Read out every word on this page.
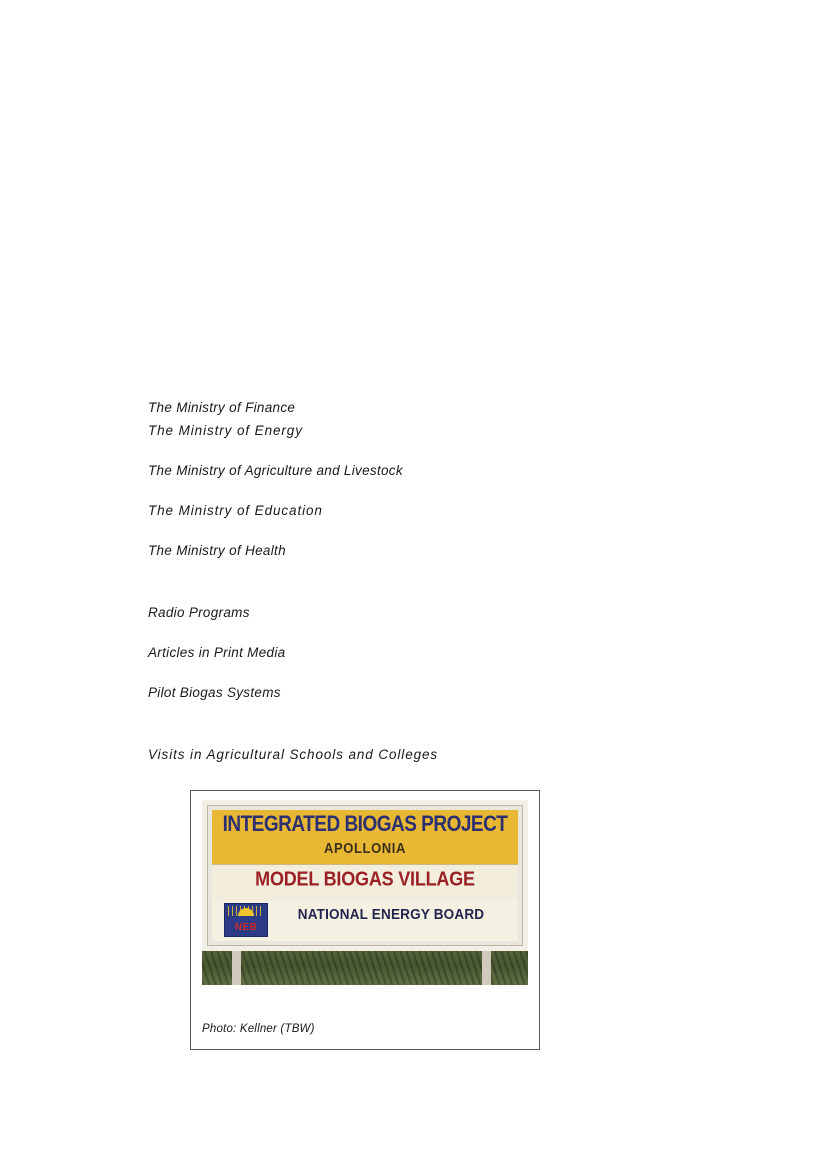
The Ministry of Finance
The Ministry of Energy
The Ministry of Agriculture and Livestock
The Ministry of Education
The Ministry of Health
Radio Programs
Articles in Print Media
Pilot Biogas Systems
Visits in Agricultural Schools and Colleges
INTEGRATED BIOGAS PROJECT
APOLLONIA
MODEL BIOGAS VILLAGE
NATIONAL ENERGY BOARD
NEB
Photo: Kellner (TBW)
